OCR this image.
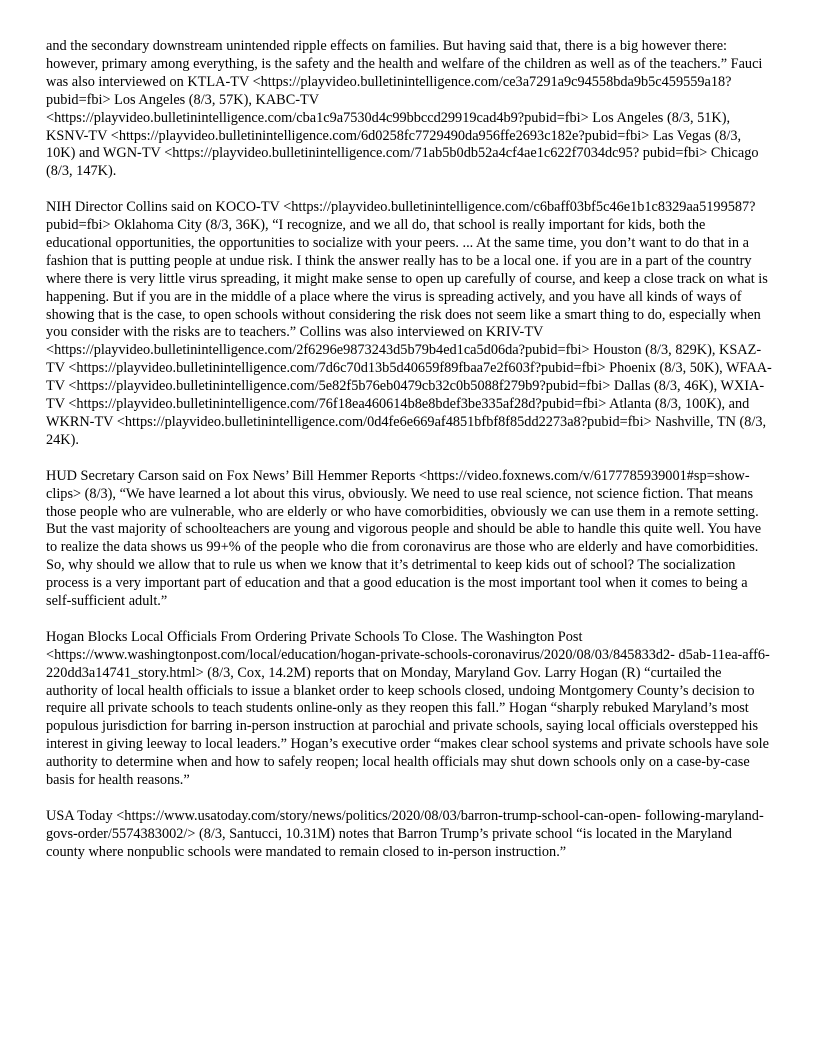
and the secondary downstream unintended ripple effects on families. But having said that, there is a big however there: however, primary among everything, is the safety and the health and welfare of the children as well as of the teachers.” Fauci was also interviewed on KTLA-TV <https://playvideo.bulletinintelligence.com/ce3a7291a9c94558bda9b5c459559a18?pubid=fbi> Los Angeles (8/3, 57K), KABC-TV <https://playvideo.bulletinintelligence.com/cba1c9a7530d4c99bbccd29919cad4b9?pubid=fbi> Los Angeles (8/3, 51K), KSNV-TV <https://playvideo.bulletinintelligence.com/6d0258fc7729490da956ffe2693c182e?pubid=fbi> Las Vegas (8/3, 10K) and WGN-TV <https://playvideo.bulletinintelligence.com/71ab5b0db52a4cf4ae1c622f7034dc95? pubid=fbi> Chicago (8/3, 147K).

NIH Director Collins said on KOCO-TV <https://playvideo.bulletinintelligence.com/c6baff03bf5c46e1b1c8329aa5199587?pubid=fbi> Oklahoma City (8/3, 36K), “I recognize, and we all do, that school is really important for kids, both the educational opportunities, the opportunities to socialize with your peers. ... At the same time, you don’t want to do that in a fashion that is putting people at undue risk. I think the answer really has to be a local one. if you are in a part of the country where there is very little virus spreading, it might make sense to open up carefully of course, and keep a close track on what is happening. But if you are in the middle of a place where the virus is spreading actively, and you have all kinds of ways of showing that is the case, to open schools without considering the risk does not seem like a smart thing to do, especially when you consider with the risks are to teachers.” Collins was also interviewed on KRIV-TV <https://playvideo.bulletinintelligence.com/2f6296e9873243d5b79b4ed1ca5d06da?pubid=fbi> Houston (8/3, 829K), KSAZ-TV <https://playvideo.bulletinintelligence.com/7d6c70d13b5d40659f89fbaa7e2f603f?pubid=fbi> Phoenix (8/3, 50K), WFAA-TV <https://playvideo.bulletinintelligence.com/5e82f5b76eb0479cb32c0b5088f279b9?pubid=fbi> Dallas (8/3, 46K), WXIA-TV <https://playvideo.bulletinintelligence.com/76f18ea460614b8e8bdef3be335af28d?pubid=fbi> Atlanta (8/3, 100K), and WKRN-TV <https://playvideo.bulletinintelligence.com/0d4fe6e669af4851bfbf8f85dd2273a8?pubid=fbi> Nashville, TN (8/3, 24K).

HUD Secretary Carson said on Fox News’ Bill Hemmer Reports <https://video.foxnews.com/v/6177785939001#sp=show-clips> (8/3), “We have learned a lot about this virus, obviously. We need to use real science, not science fiction. That means those people who are vulnerable, who are elderly or who have comorbidities, obviously we can use them in a remote setting. But the vast majority of schoolteachers are young and vigorous people and should be able to handle this quite well. You have to realize the data shows us 99+% of the people who die from coronavirus are those who are elderly and have comorbidities. So, why should we allow that to rule us when we know that it’s detrimental to keep kids out of school? The socialization process is a very important part of education and that a good education is the most important tool when it comes to being a self-sufficient adult.”

Hogan Blocks Local Officials From Ordering Private Schools To Close. The Washington Post <https://www.washingtonpost.com/local/education/hogan-private-schools-coronavirus/2020/08/03/845833d2- d5ab-11ea-aff6-220dd3a14741_story.html> (8/3, Cox, 14.2M) reports that on Monday, Maryland Gov. Larry Hogan (R) “curtailed the authority of local health officials to issue a blanket order to keep schools closed, undoing Montgomery County’s decision to require all private schools to teach students online-only as they reopen this fall.” Hogan “sharply rebuked Maryland’s most populous jurisdiction for barring in-person instruction at parochial and private schools, saying local officials overstepped his interest in giving leeway to local leaders.” Hogan’s executive order “makes clear school systems and private schools have sole authority to determine when and how to safely reopen; local health officials may shut down schools only on a case-by-case basis for health reasons.”

USA Today <https://www.usatoday.com/story/news/politics/2020/08/03/barron-trump-school-can-open- following-maryland-govs-order/5574383002/> (8/3, Santucci, 10.31M) notes that Barron Trump’s private school “is located in the Maryland county where nonpublic schools were mandated to remain closed to in-person instruction.”
